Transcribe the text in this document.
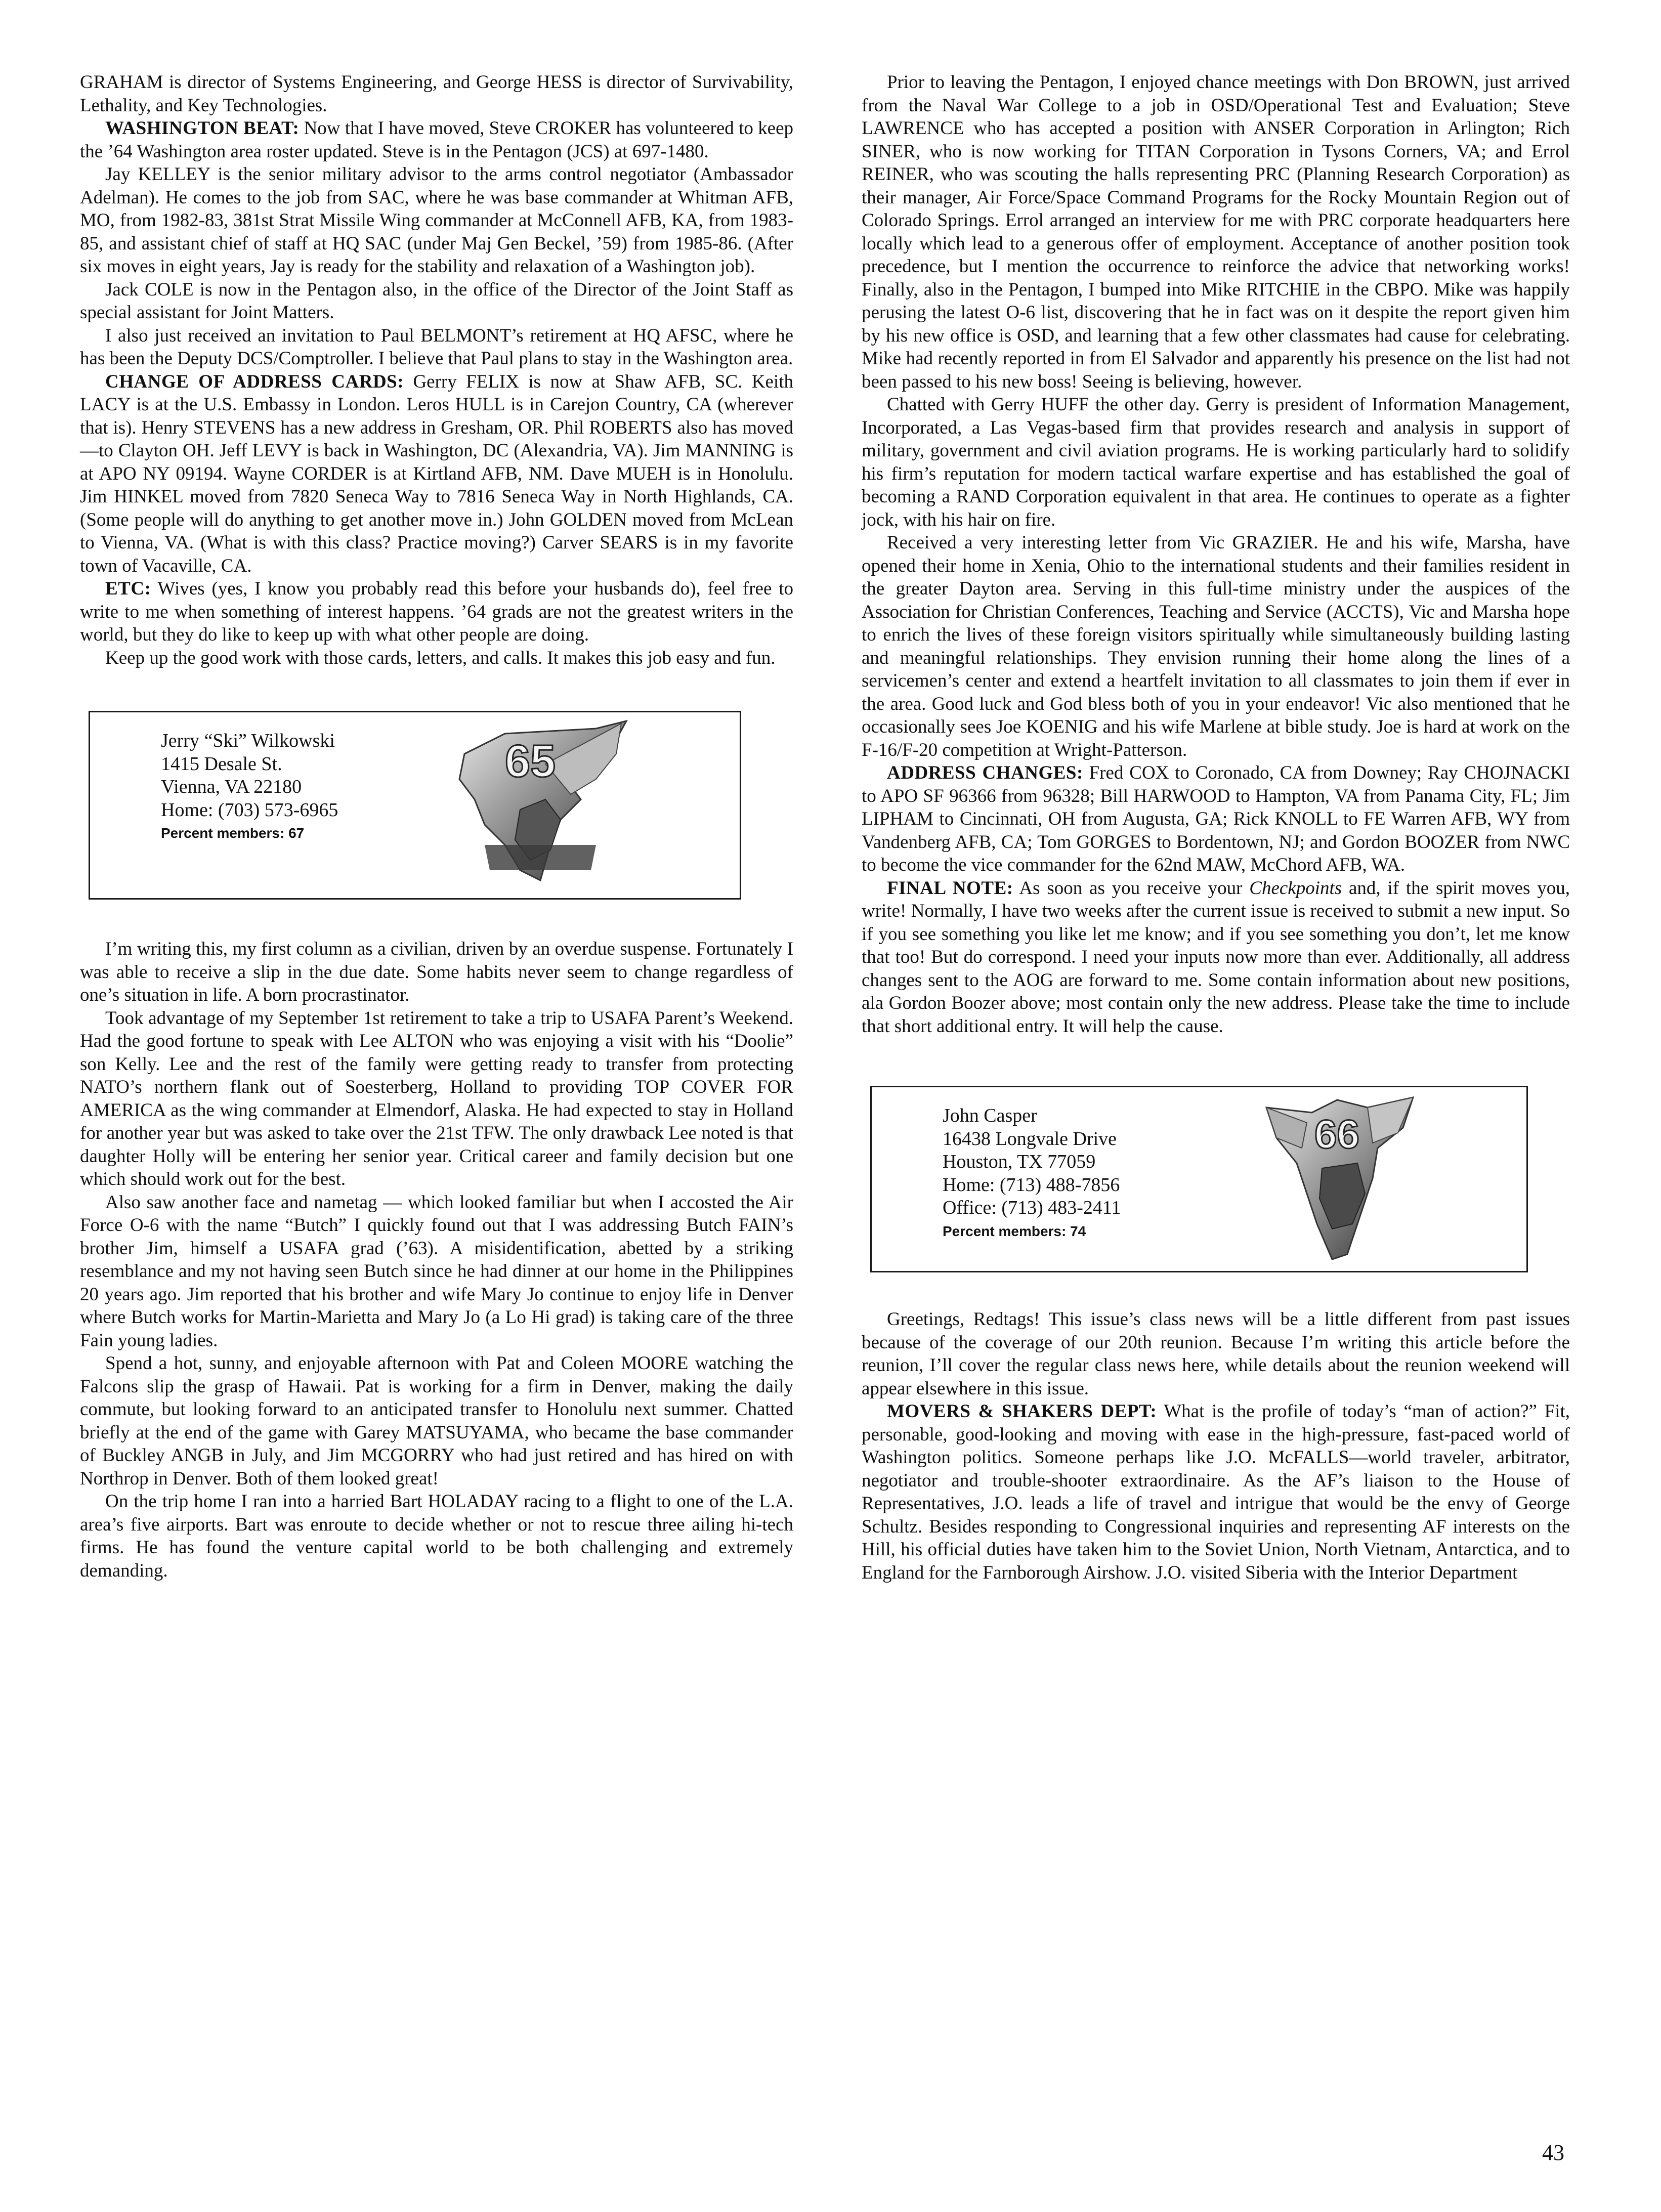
GRAHAM is director of Systems Engineering, and George HESS is director of Survivability, Lethality, and Key Technologies.

WASHINGTON BEAT: Now that I have moved, Steve CROKER has volunteered to keep the ’64 Washington area roster updated. Steve is in the Pentagon (JCS) at 697-1480.

Jay KELLEY is the senior military advisor to the arms control negotiator (Ambassador Adelman). He comes to the job from SAC, where he was base commander at Whitman AFB, MO, from 1982-83, 381st Strat Missile Wing commander at McConnell AFB, KA, from 1983-85, and assistant chief of staff at HQ SAC (under Maj Gen Beckel, ’59) from 1985-86. (After six moves in eight years, Jay is ready for the stability and relaxation of a Washington job).

Jack COLE is now in the Pentagon also, in the office of the Director of the Joint Staff as special assistant for Joint Matters.

I also just received an invitation to Paul BELMONT’s retirement at HQ AFSC, where he has been the Deputy DCS/Comptroller. I believe that Paul plans to stay in the Washington area.

CHANGE OF ADDRESS CARDS: Gerry FELIX is now at Shaw AFB, SC. Keith LACY is at the U.S. Embassy in London. Leros HULL is in Carejon Country, CA (wherever that is). Henry STEVENS has a new address in Gresham, OR. Phil ROBERTS also has moved—to Clayton OH. Jeff LEVY is back in Washington, DC (Alexandria, VA). Jim MANNING is at APO NY 09194. Wayne CORDER is at Kirtland AFB, NM. Dave MUEH is in Honolulu. Jim HINKEL moved from 7820 Seneca Way to 7816 Seneca Way in North Highlands, CA. (Some people will do anything to get another move in.) John GOLDEN moved from McLean to Vienna, VA. (What is with this class? Practice moving?) Carver SEARS is in my favorite town of Vacaville, CA.

ETC: Wives (yes, I know you probably read this before your husbands do), feel free to write to me when something of interest happens. ’64 grads are not the greatest writers in the world, but they do like to keep up with what other people are doing.

Keep up the good work with those cards, letters, and calls. It makes this job easy and fun.

Jerry “Ski” Wilkowski
1415 Desale St.
Vienna, VA 22180
Home: (703) 573-6965
Percent members: 67
65

I’m writing this, my first column as a civilian, driven by an overdue suspense. Fortunately I was able to receive a slip in the due date. Some habits never seem to change regardless of one’s situation in life. A born procrastinator.

Took advantage of my September 1st retirement to take a trip to USAFA Parent’s Weekend. Had the good fortune to speak with Lee ALTON who was enjoying a visit with his “Doolie” son Kelly. Lee and the rest of the family were getting ready to transfer from protecting NATO’s northern flank out of Soesterberg, Holland to providing TOP COVER FOR AMERICA as the wing commander at Elmendorf, Alaska. He had expected to stay in Holland for another year but was asked to take over the 21st TFW. The only drawback Lee noted is that daughter Holly will be entering her senior year. Critical career and family decision but one which should work out for the best.

Also saw another face and nametag — which looked familiar but when I accosted the Air Force O-6 with the name “Butch” I quickly found out that I was addressing Butch FAIN’s brother Jim, himself a USAFA grad (’63). A misidentification, abetted by a striking resemblance and my not having seen Butch since he had dinner at our home in the Philippines 20 years ago. Jim reported that his brother and wife Mary Jo continue to enjoy life in Denver where Butch works for Martin-Marietta and Mary Jo (a Lo Hi grad) is taking care of the three Fain young ladies.

Spend a hot, sunny, and enjoyable afternoon with Pat and Coleen MOORE watching the Falcons slip the grasp of Hawaii. Pat is working for a firm in Denver, making the daily commute, but looking forward to an anticipated transfer to Honolulu next summer. Chatted briefly at the end of the game with Garey MATSUYAMA, who became the base commander of Buckley ANGB in July, and Jim MCGORRY who had just retired and has hired on with Northrop in Denver. Both of them looked great!

On the trip home I ran into a harried Bart HOLADAY racing to a flight to one of the L.A. area’s five airports. Bart was enroute to decide whether or not to rescue three ailing hi-tech firms. He has found the venture capital world to be both challenging and extremely demanding.

Prior to leaving the Pentagon, I enjoyed chance meetings with Don BROWN, just arrived from the Naval War College to a job in OSD/Operational Test and Evaluation; Steve LAWRENCE who has accepted a position with ANSER Corporation in Arlington; Rich SINER, who is now working for TITAN Corporation in Tysons Corners, VA; and Errol REINER, who was scouting the halls representing PRC (Planning Research Corporation) as their manager, Air Force/Space Command Programs for the Rocky Mountain Region out of Colorado Springs. Errol arranged an interview for me with PRC corporate headquarters here locally which lead to a generous offer of employment. Acceptance of another position took precedence, but I mention the occurrence to reinforce the advice that networking works! Finally, also in the Pentagon, I bumped into Mike RITCHIE in the CBPO. Mike was happily perusing the latest O-6 list, discovering that he in fact was on it despite the report given him by his new office is OSD, and learning that a few other classmates had cause for celebrating. Mike had recently reported in from El Salvador and apparently his presence on the list had not been passed to his new boss! Seeing is believing, however.

Chatted with Gerry HUFF the other day. Gerry is president of Information Management, Incorporated, a Las Vegas-based firm that provides research and analysis in support of military, government and civil aviation programs. He is working particularly hard to solidify his firm’s reputation for modern tactical warfare expertise and has established the goal of becoming a RAND Corporation equivalent in that area. He continues to operate as a fighter jock, with his hair on fire.

Received a very interesting letter from Vic GRAZIER. He and his wife, Marsha, have opened their home in Xenia, Ohio to the international students and their families resident in the greater Dayton area. Serving in this full-time ministry under the auspices of the Association for Christian Conferences, Teaching and Service (ACCTS), Vic and Marsha hope to enrich the lives of these foreign visitors spiritually while simultaneously building lasting and meaningful relationships. They envision running their home along the lines of a servicemen’s center and extend a heartfelt invitation to all classmates to join them if ever in the area. Good luck and God bless both of you in your endeavor! Vic also mentioned that he occasionally sees Joe KOENIG and his wife Marlene at bible study. Joe is hard at work on the F-16/F-20 competition at Wright-Patterson.

ADDRESS CHANGES: Fred COX to Coronado, CA from Downey; Ray CHOJNACKI to APO SF 96366 from 96328; Bill HARWOOD to Hampton, VA from Panama City, FL; Jim LIPHAM to Cincinnati, OH from Augusta, GA; Rick KNOLL to FE Warren AFB, WY from Vandenberg AFB, CA; Tom GORGES to Bordentown, NJ; and Gordon BOOZER from NWC to become the vice commander for the 62nd MAW, McChord AFB, WA.

FINAL NOTE: As soon as you receive your Checkpoints and, if the spirit moves you, write! Normally, I have two weeks after the current issue is received to submit a new input. So if you see something you like let me know; and if you see something you don’t, let me know that too! But do correspond. I need your inputs now more than ever. Additionally, all address changes sent to the AOG are forward to me. Some contain information about new positions, ala Gordon Boozer above; most contain only the new address. Please take the time to include that short additional entry. It will help the cause.

John Casper
16438 Longvale Drive
Houston, TX 77059
Home: (713) 488-7856
Office: (713) 483-2411
Percent members: 74
66

Greetings, Redtags! This issue’s class news will be a little different from past issues because of the coverage of our 20th reunion. Because I’m writing this article before the reunion, I’ll cover the regular class news here, while details about the reunion weekend will appear elsewhere in this issue.

MOVERS & SHAKERS DEPT: What is the profile of today’s “man of action?” Fit, personable, good-looking and moving with ease in the high-pressure, fast-paced world of Washington politics. Someone perhaps like J.O. McFALLS—world traveler, arbitrator, negotiator and trouble-shooter extraordinaire. As the AF’s liaison to the House of Representatives, J.O. leads a life of travel and intrigue that would be the envy of George Schultz. Besides responding to Congressional inquiries and representing AF interests on the Hill, his official duties have taken him to the Soviet Union, North Vietnam, Antarctica, and to England for the Farnborough Airshow. J.O. visited Siberia with the Interior Department

43
